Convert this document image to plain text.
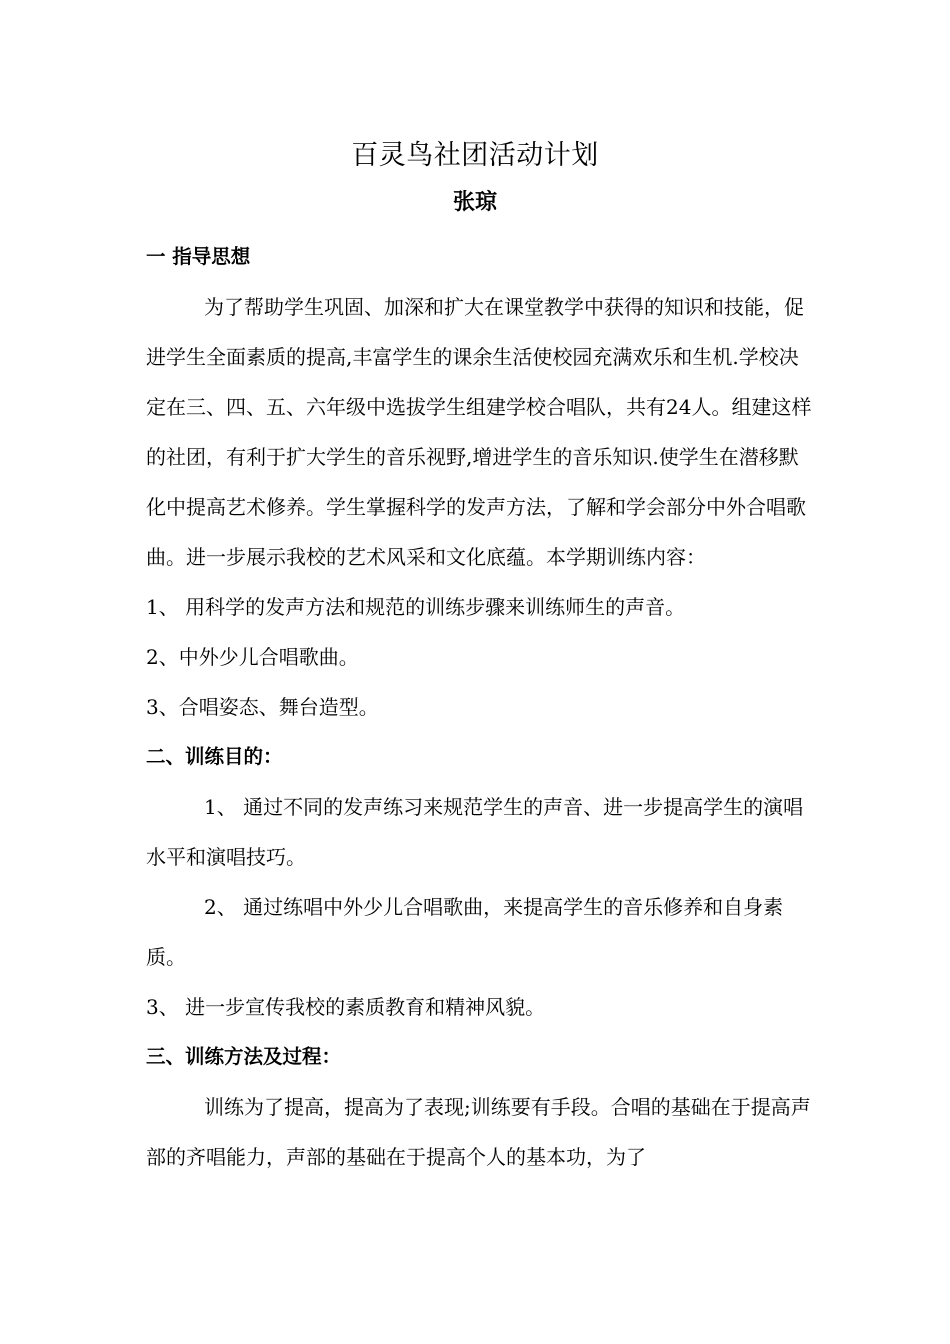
百灵鸟社团活动计划
张琼

一 指导思想

为了帮助学生巩固、加深和扩大在课堂教学中获得的知识和技能，促进学生全面素质的提高,丰富学生的课余生活使校园充满欢乐和生机.学校决定在三、四、五、六年级中选拔学生组建学校合唱队，共有24人。组建这样的社团，有利于扩大学生的音乐视野,增进学生的音乐知识.使学生在潜移默化中提高艺术修养。学生掌握科学的发声方法，了解和学会部分中外合唱歌曲。进一步展示我校的艺术风采和文化底蕴。本学期训练内容：

1、 用科学的发声方法和规范的训练步骤来训练师生的声音。

2、中外少儿合唱歌曲。

3、合唱姿态、舞台造型。

二、训练目的：

1、 通过不同的发声练习来规范学生的声音、进一步提高学生的演唱水平和演唱技巧。

2、 通过练唱中外少儿合唱歌曲，来提高学生的音乐修养和自身素质。

3、 进一步宣传我校的素质教育和精神风貌。

三、训练方法及过程：

训练为了提高，提高为了表现;训练要有手段。合唱的基础在于提高声部的齐唱能力，声部的基础在于提高个人的基本功，为了
